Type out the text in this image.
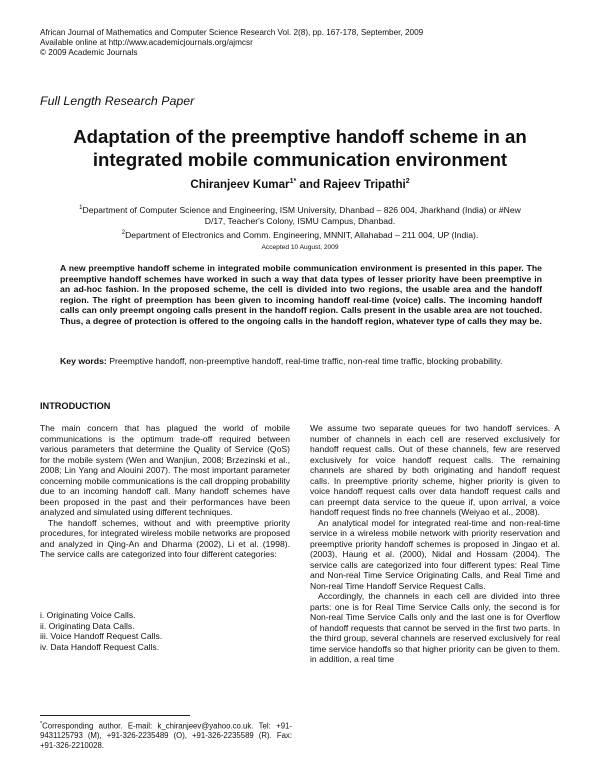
African Journal of Mathematics and Computer Science Research Vol. 2(8), pp. 167-178, September, 2009
Available online at http://www.academicjournals.org/ajmcsr
© 2009 Academic Journals
Full Length Research Paper
Adaptation of the preemptive handoff scheme in an
integrated mobile communication environment
Chiranjeev Kumar$^{1*}$ and Rajeev Tripathi$^2$
$^1$Department of Computer Science and Engineering, ISM University, Dhanbad – 826 004, Jharkhand (India) or #New
D/17, Teacher's Colony, ISMU Campus, Dhanbad.
$^2$Department of Electronics and Comm. Engineering, MNNIT, Allahabad – 211 004, UP (India).
Accepted 10 August, 2009
A new preemptive handoff scheme in integrated mobile communication environment is presented in this paper. The preemptive handoff schemes have worked in such a way that data types of lesser priority have been preemptive in an ad-hoc fashion. In the proposed scheme, the cell is divided into two regions, the usable area and the handoff region. The right of preemption has been given to incoming handoff real-time (voice) calls. The incoming handoff calls can only preempt ongoing calls present in the handoff region. Calls present in the usable area are not touched. Thus, a degree of protection is offered to the ongoing calls in the handoff region, whatever type of calls they may be.
Key words: Preemptive handoff, non-preemptive handoff, real-time traffic, non-real time traffic, blocking probability.
INTRODUCTION

The main concern that has plagued the world of mobile communications is the optimum trade-off required between various parameters that determine the Quality of Service (QoS) for the mobile system (Wen and Wanjiun, 2008; Brzezinski et al., 2008; Lin Yang and Alouini 2007). The most important parameter concerning mobile communications is the call dropping probability due to an incoming handoff call. Many handoff schemes have been proposed in the past and their performances have been analyzed and simulated using different techniques.

The handoff schemes, without and with preemptive priority procedures, for integrated wireless mobile networks are proposed and analyzed in Qing-An and Dharma (2002), Li et al. (1998). The service calls are categorized into four different categories:

i. Originating Voice Calls.
ii. Originating Data Calls.
iii. Voice Handoff Request Calls.
iv. Data Handoff Request Calls.
*Corresponding author. E-mail: k_chiranjeev@yahoo.co.uk. Tel: +91-9431125793 (M), +91-326-2235489 (O), +91-326-2235589 (R). Fax: +91-326-2210028.

We assume two separate queues for two handoff services. A number of channels in each cell are reserved exclusively for handoff request calls. Out of these channels, few are reserved exclusively for voice handoff request calls. The remaining channels are shared by both originating and handoff request calls. In preemptive priority scheme, higher priority is given to voice handoff request calls over data handoff request calls and can preempt data service to the queue if, upon arrival, a voice handoff request finds no free channels (Weiyao et al., 2008).

An analytical model for integrated real-time and non-real-time service in a wireless mobile network with priority reservation and preemptive priority handoff schemes is proposed in Jingao et al. (2003), Haung et al. (2000), Nidal and Hossam (2004). The service calls are categorized into four different types: Real Time and Non-real Time Service Originating Calls, and Real Time and Non-real Time Handoff Service Request Calls.

Accordingly, the channels in each cell are divided into three parts: one is for Real Time Service Calls only, the second is for Non-real Time Service Calls only and the last one is for Overflow of handoff requests that cannot be served in the first two parts. In the third group, several channels are reserved exclusively for real time service handoffs so that higher priority can be given to them. in addition, a real time
